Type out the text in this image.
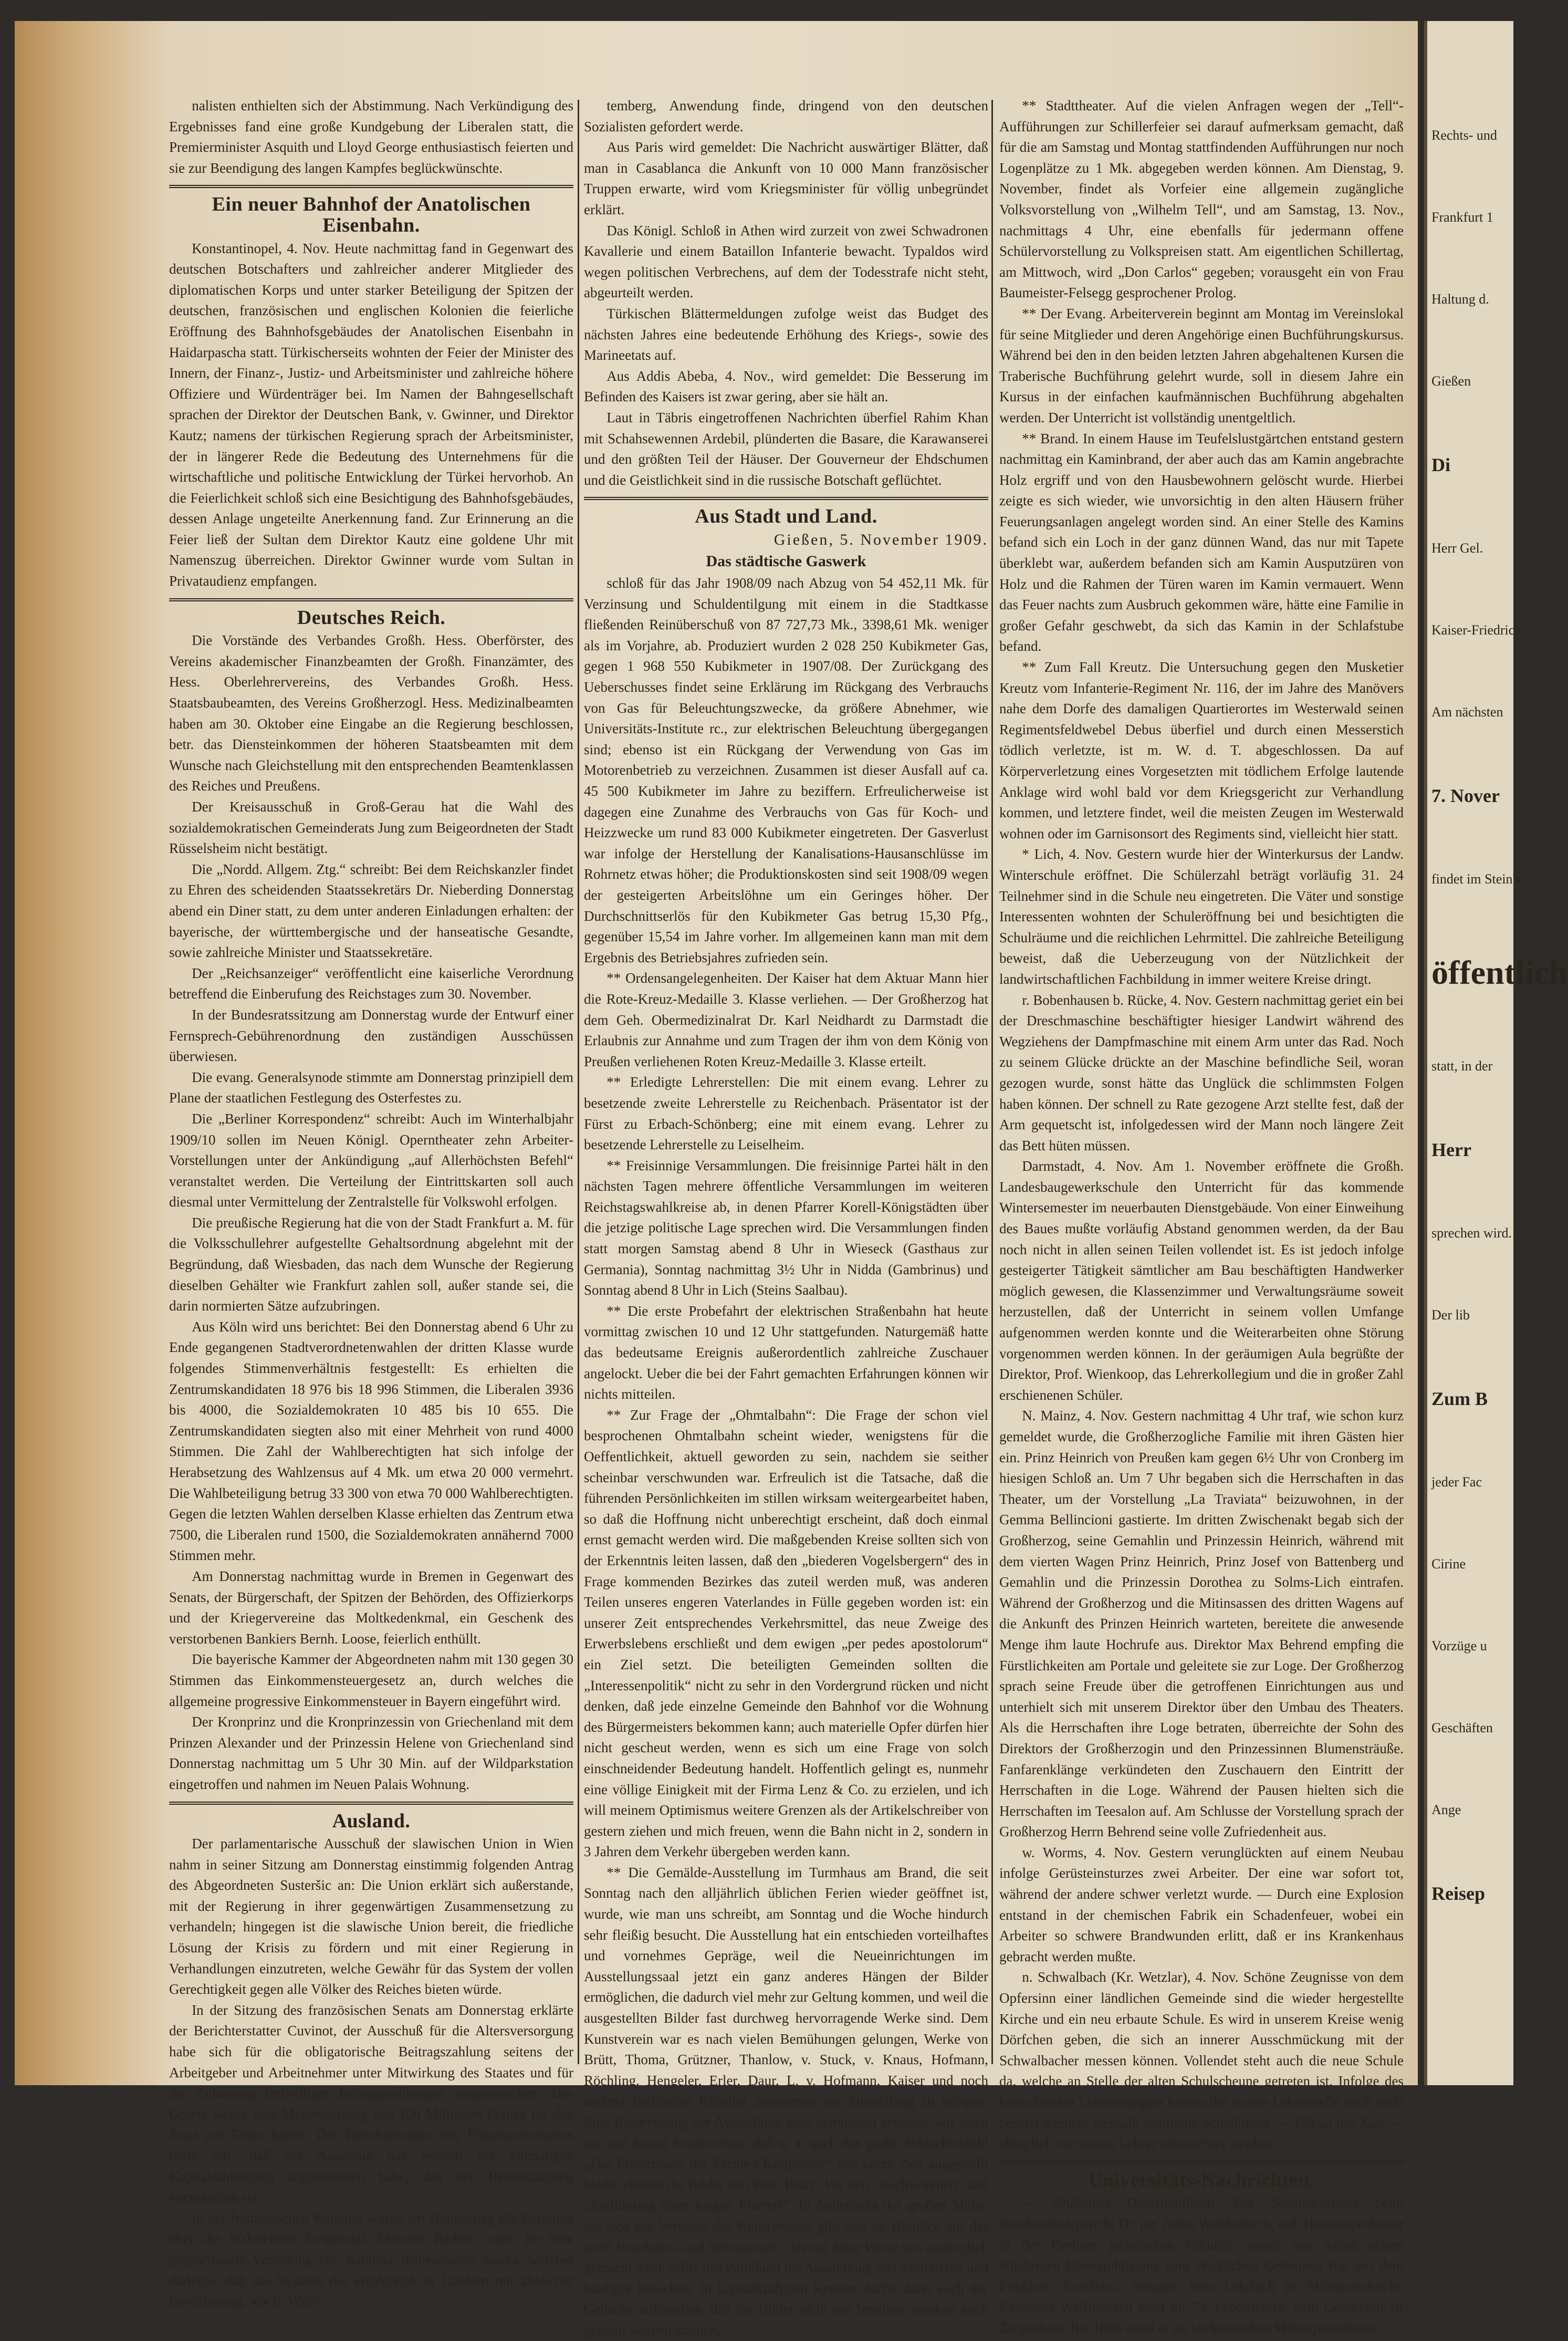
nalisten enthielten sich der Abstimmung. Nach Verkündigung des Ergebnisses fand eine große Kundgebung der Liberalen statt, die Premierminister Asquith und Lloyd George enthusiastisch feierten und sie zur Beendigung des langen Kampfes beglückwünschte.

Ein neuer Bahnhof der Anatolischen Eisenbahn.

Konstantinopel, 4. Nov. Heute nachmittag fand in Gegenwart des deutschen Botschafters und zahlreicher anderer Mitglieder des diplomatischen Korps und unter starker Beteiligung der Spitzen der deutschen, französischen und englischen Kolonien die feierliche Eröffnung des Bahnhofsgebäudes der Anatolischen Eisenbahn in Haidarpascha statt. Türkischerseits wohnten der Feier der Minister des Innern, der Finanz-, Justiz- und Arbeitsminister und zahlreiche höhere Offiziere und Würdenträger bei. Im Namen der Bahngesellschaft sprachen der Direktor der Deutschen Bank, v. Gwinner, und Direktor Kautz; namens der türkischen Regierung sprach der Arbeitsminister, der in längerer Rede die Bedeutung des Unternehmens für die wirtschaftliche und politische Entwicklung der Türkei hervorhob. An die Feierlichkeit schloß sich eine Besichtigung des Bahnhofsgebäudes, dessen Anlage ungeteilte Anerkennung fand. Zur Erinnerung an die Feier ließ der Sultan dem Direktor Kautz eine goldene Uhr mit Namenszug überreichen. Direktor Gwinner wurde vom Sultan in Privataudienz empfangen.

Deutsches Reich.

Die Vorstände des Verbandes Großh. Hess. Oberförster, des Vereins akademischer Finanzbeamten der Großh. Finanzämter, des Hess. Oberlehrervereins, des Verbandes Großh. Hess. Staatsbaubeamten, des Vereins Großherzogl. Hess. Medizinalbeamten haben am 30. Oktober eine Eingabe an die Regierung beschlossen, betr. das Diensteinkommen der höheren Staatsbeamten mit dem Wunsche nach Gleichstellung mit den entsprechenden Beamtenklassen des Reiches und Preußens.

Der Kreisausschuß in Groß-Gerau hat die Wahl des sozialdemokratischen Gemeinderats Jung zum Beigeordneten der Stadt Rüsselsheim nicht bestätigt.

Die „Nordd. Allgem. Ztg.“ schreibt: Bei dem Reichskanzler findet zu Ehren des scheidenden Staatssekretärs Dr. Nieberding Donnerstag abend ein Diner statt, zu dem unter anderen Einladungen erhalten: der bayerische, der württembergische und der hanseatische Gesandte, sowie zahlreiche Minister und Staatssekretäre.

Der „Reichsanzeiger“ veröffentlicht eine kaiserliche Verordnung betreffend die Einberufung des Reichstages zum 30. November.

In der Bundesratssitzung am Donnerstag wurde der Entwurf einer Fernsprech-Gebührenordnung den zuständigen Ausschüssen überwiesen.

Die evang. Generalsynode stimmte am Donnerstag prinzipiell dem Plane der staatlichen Festlegung des Osterfestes zu.

Die „Berliner Korrespondenz“ schreibt: Auch im Winterhalbjahr 1909/10 sollen im Neuen Königl. Operntheater zehn Arbeiter-Vorstellungen unter der Ankündigung „auf Allerhöchsten Befehl“ veranstaltet werden. Die Verteilung der Eintrittskarten soll auch diesmal unter Vermittelung der Zentralstelle für Volkswohl erfolgen.

Die preußische Regierung hat die von der Stadt Frankfurt a. M. für die Volksschullehrer aufgestellte Gehaltsordnung abgelehnt mit der Begründung, daß Wiesbaden, das nach dem Wunsche der Regierung dieselben Gehälter wie Frankfurt zahlen soll, außer stande sei, die darin normierten Sätze aufzubringen.

Aus Köln wird uns berichtet: Bei den Donnerstag abend 6 Uhr zu Ende gegangenen Stadtverordnetenwahlen der dritten Klasse wurde folgendes Stimmenverhältnis festgestellt: Es erhielten die Zentrumskandidaten 18 976 bis 18 996 Stimmen, die Liberalen 3936 bis 4000, die Sozialdemokraten 10 485 bis 10 655. Die Zentrumskandidaten siegten also mit einer Mehrheit von rund 4000 Stimmen. Die Zahl der Wahlberechtigten hat sich infolge der Herabsetzung des Wahlzensus auf 4 Mk. um etwa 20 000 vermehrt. Die Wahlbeteiligung betrug 33 300 von etwa 70 000 Wahlberechtigten. Gegen die letzten Wahlen derselben Klasse erhielten das Zentrum etwa 7500, die Liberalen rund 1500, die Sozialdemokraten annähernd 7000 Stimmen mehr.

Am Donnerstag nachmittag wurde in Bremen in Gegenwart des Senats, der Bürgerschaft, der Spitzen der Behörden, des Offizierkorps und der Kriegervereine das Moltkedenkmal, ein Geschenk des verstorbenen Bankiers Bernh. Loose, feierlich enthüllt.

Die bayerische Kammer der Abgeordneten nahm mit 130 gegen 30 Stimmen das Einkommensteuergesetz an, durch welches die allgemeine progressive Einkommensteuer in Bayern eingeführt wird.

Der Kronprinz und die Kronprinzessin von Griechenland mit dem Prinzen Alexander und der Prinzessin Helene von Griechenland sind Donnerstag nachmittag um 5 Uhr 30 Min. auf der Wildparkstation eingetroffen und nahmen im Neuen Palais Wohnung.

Ausland.

Der parlamentarische Ausschuß der slawischen Union in Wien nahm in seiner Sitzung am Donnerstag einstimmig folgenden Antrag des Abgeordneten Susteršic an: Die Union erklärt sich außerstande, mit der Regierung in ihrer gegenwärtigen Zusammensetzung zu verhandeln; hingegen ist die slawische Union bereit, die friedliche Lösung der Krisis zu fördern und mit einer Regierung in Verhandlungen einzutreten, welche Gewähr für das System der vollen Gerechtigkeit gegen alle Völker des Reiches bieten würde.

In der Sitzung des französischen Senats am Donnerstag erklärte der Berichterstatter Cuvinot, der Ausschuß für die Altersversorgung habe sich für die obligatorische Beitragszahlung seitens der Arbeitgeber und Arbeitnehmer unter Mitwirkung des Staates und für die Zulassung freiwilliger Beitragszahlungen ausgesprochen. Das Gesetz werde eine Mehrbelastung von 100 Millionen Franks für den Staat zur Folge haben. Der Berichterstatter des Finanzausschusses teilte mit, daß der Ausschuß das System der einmaligen Kapitalsabfindung angenommen habe, das der Rentenzahlung vorzuziehen sei.

In der französischen Kammer wurde am Donnerstag die Beratung über die Wahlreform fortgesetzt. Mehrere Redner traten für eine proportionale Vertretung ein, darunter insbesondere Jaurès, welcher darlegte, daß das System, das erfolgreich in Ländern mit ähnlicher Bevölkerung, wie in Würt-

temberg, Anwendung finde, dringend von den deutschen Sozialisten gefordert werde.

Aus Paris wird gemeldet: Die Nachricht auswärtiger Blätter, daß man in Casablanca die Ankunft von 10 000 Mann französischer Truppen erwarte, wird vom Kriegsminister für völlig unbegründet erklärt.

Das Königl. Schloß in Athen wird zurzeit von zwei Schwadronen Kavallerie und einem Bataillon Infanterie bewacht. Typaldos wird wegen politischen Verbrechens, auf dem der Todesstrafe nicht steht, abgeurteilt werden.

Türkischen Blättermeldungen zufolge weist das Budget des nächsten Jahres eine bedeutende Erhöhung des Kriegs-, sowie des Marineetats auf.

Aus Addis Abeba, 4. Nov., wird gemeldet: Die Besserung im Befinden des Kaisers ist zwar gering, aber sie hält an.

Laut in Täbris eingetroffenen Nachrichten überfiel Rahim Khan mit Schahsewennen Ardebil, plünderten die Basare, die Karawanserei und den größten Teil der Häuser. Der Gouverneur der Ehdschumen und die Geistlichkeit sind in die russische Botschaft geflüchtet.

Aus Stadt und Land.

Gießen, 5. November 1909.

Das städtische Gaswerk

schloß für das Jahr 1908/09 nach Abzug von 54 452,11 Mk. für Verzinsung und Schuldentilgung mit einem in die Stadtkasse fließenden Reinüberschuß von 87 727,73 Mk., 3398,61 Mk. weniger als im Vorjahre, ab. Produziert wurden 2 028 250 Kubikmeter Gas, gegen 1 968 550 Kubikmeter in 1907/08. Der Zurückgang des Ueberschusses findet seine Erklärung im Rückgang des Verbrauchs von Gas für Beleuchtungszwecke, da größere Abnehmer, wie Universitäts-Institute rc., zur elektrischen Beleuchtung übergegangen sind; ebenso ist ein Rückgang der Verwendung von Gas im Motorenbetrieb zu verzeichnen. Zusammen ist dieser Ausfall auf ca. 45 500 Kubikmeter im Jahre zu beziffern. Erfreulicherweise ist dagegen eine Zunahme des Verbrauchs von Gas für Koch- und Heizzwecke um rund 83 000 Kubikmeter eingetreten. Der Gasverlust war infolge der Herstellung der Kanalisations-Hausanschlüsse im Rohrnetz etwas höher; die Produktionskosten sind seit 1908/09 wegen der gesteigerten Arbeitslöhne um ein Geringes höher. Der Durchschnittserlös für den Kubikmeter Gas betrug 15,30 Pfg., gegenüber 15,54 im Jahre vorher. Im allgemeinen kann man mit dem Ergebnis des Betriebsjahres zufrieden sein.

** Ordensangelegenheiten. Der Kaiser hat dem Aktuar Mann hier die Rote-Kreuz-Medaille 3. Klasse verliehen. — Der Großherzog hat dem Geh. Obermedizinalrat Dr. Karl Neidhardt zu Darmstadt die Erlaubnis zur Annahme und zum Tragen der ihm von dem König von Preußen verliehenen Roten Kreuz-Medaille 3. Klasse erteilt.

** Erledigte Lehrerstellen: Die mit einem evang. Lehrer zu besetzende zweite Lehrerstelle zu Reichenbach. Präsentator ist der Fürst zu Erbach-Schönberg; eine mit einem evang. Lehrer zu besetzende Lehrerstelle zu Leiselheim.

** Freisinnige Versammlungen. Die freisinnige Partei hält in den nächsten Tagen mehrere öffentliche Versammlungen im weiteren Reichstagswahlkreise ab, in denen Pfarrer Korell-Königstädten über die jetzige politische Lage sprechen wird. Die Versammlungen finden statt morgen Samstag abend 8 Uhr in Wieseck (Gasthaus zur Germania), Sonntag nachmittag 3½ Uhr in Nidda (Gambrinus) und Sonntag abend 8 Uhr in Lich (Steins Saalbau).

** Die erste Probefahrt der elektrischen Straßenbahn hat heute vormittag zwischen 10 und 12 Uhr stattgefunden. Naturgemäß hatte das bedeutsame Ereignis außerordentlich zahlreiche Zuschauer angelockt. Ueber die bei der Fahrt gemachten Erfahrungen können wir nichts mitteilen.

** Zur Frage der „Ohmtalbahn“: Die Frage der schon viel besprochenen Ohmtalbahn scheint wieder, wenigstens für die Oeffentlichkeit, aktuell geworden zu sein, nachdem sie seither scheinbar verschwunden war. Erfreulich ist die Tatsache, daß die führenden Persönlichkeiten im stillen wirksam weitergearbeitet haben, so daß die Hoffnung nicht unberechtigt erscheint, daß doch einmal ernst gemacht werden wird. Die maßgebenden Kreise sollten sich von der Erkenntnis leiten lassen, daß den „biederen Vogelsbergern“ des in Frage kommenden Bezirkes das zuteil werden muß, was anderen Teilen unseres engeren Vaterlandes in Fülle gegeben worden ist: ein unserer Zeit entsprechendes Verkehrsmittel, das neue Zweige des Erwerbslebens erschließt und dem ewigen „per pedes apostolorum“ ein Ziel setzt. Die beteiligten Gemeinden sollten die „Interessenpolitik“ nicht zu sehr in den Vordergrund rücken und nicht denken, daß jede einzelne Gemeinde den Bahnhof vor die Wohnung des Bürgermeisters bekommen kann; auch materielle Opfer dürfen hier nicht gescheut werden, wenn es sich um eine Frage von solch einschneidender Bedeutung handelt. Hoffentlich gelingt es, nunmehr eine völlige Einigkeit mit der Firma Lenz & Co. zu erzielen, und ich will meinem Optimismus weitere Grenzen als der Artikelschreiber von gestern ziehen und mich freuen, wenn die Bahn nicht in 2, sondern in 3 Jahren dem Verkehr übergeben werden kann.

** Die Gemälde-Ausstellung im Turmhaus am Brand, die seit Sonntag nach den alljährlich üblichen Ferien wieder geöffnet ist, wurde, wie man uns schreibt, am Sonntag und die Woche hindurch sehr fleißig besucht. Die Ausstellung hat ein entschieden vorteilhaftes und vornehmes Gepräge, weil die Neueinrichtungen im Ausstellungssaal jetzt ein ganz anderes Hängen der Bilder ermöglichen, die dadurch viel mehr zur Geltung kommen, und weil die ausgestellten Bilder fast durchweg hervorragende Werke sind. Dem Kunstverein war es nach vielen Bemühungen gelungen, Werke von Brütt, Thoma, Grützner, Thanlow, v. Stuck, v. Knaus, Hofmann, Röchling, Hengeler, Erler, Daur, L. v. Hofmann, Kaiser und noch anderer berühmter Künstler zusammen zur Ausstellung zu bringen. Eine Besprechung der Ausstellung wird demnächst erfolgen, wir seien nur auf darauf hingewiesen, daß u. a. auch das große Schlachtenbild „Die Erstürmung der Ferme-Champenois“ nur kurze Zeit ausgestellt bleibt, ebenso die Bilder von Prof. Brütt „Vor den Geschworenen“ und „Einführung eines jungen Pfarrers“. In Anbetracht der großen Mühe, die sich der Vorstand des Kunstvereins gibt und im Hinblick auf das recht Beachtens- und Sehenswerte, das auf diese Weise uns zugänglich gemacht wird, sollte das Publikum die Ausstellung viel zahlreicher und häufiger besuchen. In kapitalkräftigen Kreisen dürfte dann auch der Gedanke auftauchen, daß die Bilder nicht nur besehen, sondern auch gekauft werden können.

** Stadttheater. Auf die vielen Anfragen wegen der „Tell“-Aufführungen zur Schillerfeier sei darauf aufmerksam gemacht, daß für die am Samstag und Montag stattfindenden Aufführungen nur noch Logenplätze zu 1 Mk. abgegeben werden können. Am Dienstag, 9. November, findet als Vorfeier eine allgemein zugängliche Volksvorstellung von „Wilhelm Tell“, und am Samstag, 13. Nov., nachmittags 4 Uhr, eine ebenfalls für jedermann offene Schülervorstellung zu Volkspreisen statt. Am eigentlichen Schillertag, am Mittwoch, wird „Don Carlos“ gegeben; vorausgeht ein von Frau Baumeister-Felsegg gesprochener Prolog.

** Der Evang. Arbeiterverein beginnt am Montag im Vereinslokal für seine Mitglieder und deren Angehörige einen Buchführungskursus. Während bei den in den beiden letzten Jahren abgehaltenen Kursen die Traberische Buchführung gelehrt wurde, soll in diesem Jahre ein Kursus in der einfachen kaufmännischen Buchführung abgehalten werden. Der Unterricht ist vollständig unentgeltlich.

** Brand. In einem Hause im Teufelslustgärtchen entstand gestern nachmittag ein Kaminbrand, der aber auch das am Kamin angebrachte Holz ergriff und von den Hausbewohnern gelöscht wurde. Hierbei zeigte es sich wieder, wie unvorsichtig in den alten Häusern früher Feuerungsanlagen angelegt worden sind. An einer Stelle des Kamins befand sich ein Loch in der ganz dünnen Wand, das nur mit Tapete überklebt war, außerdem befanden sich am Kamin Ausputzüren von Holz und die Rahmen der Türen waren im Kamin vermauert. Wenn das Feuer nachts zum Ausbruch gekommen wäre, hätte eine Familie in großer Gefahr geschwebt, da sich das Kamin in der Schlafstube befand.

** Zum Fall Kreutz. Die Untersuchung gegen den Musketier Kreutz vom Infanterie-Regiment Nr. 116, der im Jahre des Manövers nahe dem Dorfe des damaligen Quartierortes im Westerwald seinen Regimentsfeldwebel Debus überfiel und durch einen Messerstich tödlich verletzte, ist m. W. d. T. abgeschlossen. Da auf Körperverletzung eines Vorgesetzten mit tödlichem Erfolge lautende Anklage wird wohl bald vor dem Kriegsgericht zur Verhandlung kommen, und letztere findet, weil die meisten Zeugen im Westerwald wohnen oder im Garnisonsort des Regiments sind, vielleicht hier statt.

* Lich, 4. Nov. Gestern wurde hier der Winterkursus der Landw. Winterschule eröffnet. Die Schülerzahl beträgt vorläufig 31. 24 Teilnehmer sind in die Schule neu eingetreten. Die Väter und sonstige Interessenten wohnten der Schuleröffnung bei und besichtigten die Schulräume und die reichlichen Lehrmittel. Die zahlreiche Beteiligung beweist, daß die Ueberzeugung von der Nützlichkeit der landwirtschaftlichen Fachbildung in immer weitere Kreise dringt.

r. Bobenhausen b. Rücke, 4. Nov. Gestern nachmittag geriet ein bei der Dreschmaschine beschäftigter hiesiger Landwirt während des Wegziehens der Dampfmaschine mit einem Arm unter das Rad. Noch zu seinem Glücke drückte an der Maschine befindliche Seil, woran gezogen wurde, sonst hätte das Unglück die schlimmsten Folgen haben können. Der schnell zu Rate gezogene Arzt stellte fest, daß der Arm gequetscht ist, infolgedessen wird der Mann noch längere Zeit das Bett hüten müssen.

Darmstadt, 4. Nov. Am 1. November eröffnete die Großh. Landesbaugewerkschule den Unterricht für das kommende Wintersemester im neuerbauten Dienstgebäude. Von einer Einweihung des Baues mußte vorläufig Abstand genommen werden, da der Bau noch nicht in allen seinen Teilen vollendet ist. Es ist jedoch infolge gesteigerter Tätigkeit sämtlicher am Bau beschäftigten Handwerker möglich gewesen, die Klassenzimmer und Verwaltungsräume soweit herzustellen, daß der Unterricht in seinem vollen Umfange aufgenommen werden konnte und die Weiterarbeiten ohne Störung vorgenommen werden können. In der geräumigen Aula begrüßte der Direktor, Prof. Wienkoop, das Lehrerkollegium und die in großer Zahl erschienenen Schüler.

N. Mainz, 4. Nov. Gestern nachmittag 4 Uhr traf, wie schon kurz gemeldet wurde, die Großherzogliche Familie mit ihren Gästen hier ein. Prinz Heinrich von Preußen kam gegen 6½ Uhr von Cronberg im hiesigen Schloß an. Um 7 Uhr begaben sich die Herrschaften in das Theater, um der Vorstellung „La Traviata“ beizuwohnen, in der Gemma Bellincioni gastierte. Im dritten Zwischenakt begab sich der Großherzog, seine Gemahlin und Prinzessin Heinrich, während mit dem vierten Wagen Prinz Heinrich, Prinz Josef von Battenberg und Gemahlin und die Prinzessin Dorothea zu Solms-Lich eintrafen. Während der Großherzog und die Mitinsassen des dritten Wagens auf die Ankunft des Prinzen Heinrich warteten, bereitete die anwesende Menge ihm laute Hochrufe aus. Direktor Max Behrend empfing die Fürstlichkeiten am Portale und geleitete sie zur Loge. Der Großherzog sprach seine Freude über die getroffenen Einrichtungen aus und unterhielt sich mit unserem Direktor über den Umbau des Theaters. Als die Herrschaften ihre Loge betraten, überreichte der Sohn des Direktors der Großherzogin und den Prinzessinnen Blumensträuße. Fanfarenklänge verkündeten den Zuschauern den Eintritt der Herrschaften in die Loge. Während der Pausen hielten sich die Herrschaften im Teesalon auf. Am Schlusse der Vorstellung sprach der Großherzog Herrn Behrend seine volle Zufriedenheit aus.

w. Worms, 4. Nov. Gestern verunglückten auf einem Neubau infolge Gerüsteinsturzes zwei Arbeiter. Der eine war sofort tot, während der andere schwer verletzt wurde. — Durch eine Explosion entstand in der chemischen Fabrik ein Schadenfeuer, wobei ein Arbeiter so schwere Brandwunden erlitt, daß er ins Krankenhaus gebracht werden mußte.

n. Schwalbach (Kr. Wetzlar), 4. Nov. Schöne Zeugnisse von dem Opfersinn einer ländlichen Gemeinde sind die wieder hergestellte Kirche und ein neu erbaute Schule. Es wird in unserem Kreise wenig Dörfchen geben, die sich an innerer Ausschmückung mit der Schwalbacher messen können. Vollendet steht auch die neue Schule da, welche an Stelle der alten Schulscheune getreten ist. Infolge des herrschenden Lehrermangels konnte die zweite Lehrerstelle noch nicht besetzt werden, weshalb sämtliche Schulkinder — 130 an der Zahl — alltäglich von einem Lehrer unterrichtet werden.

Universitäts-Nachrichten.

— 50jähriges Dienstjubiläum. Der Senatspräsident beim Reichsmilitärgericht Dr. jur. Julius Weiffenbach, ord. Honorarprofessor in der Berliner juristischen Fakultät, wurde aus Anlaß seines 50jährigen Dienstjubiläums zum Wirklichen Geheimen Rat mit dem Prädikat „Exzellenz“ ernannt. Sein Lehrfach ist Militärstrafrecht. Exzellenz Weiffenbach steht im 73. Lebensjahre. Sein Geburtsort ist Ziegenhain. Bis 1866 stand er im kurhessischen Militärjustizdienst.

Rechts- und
Frankfurt 1
Haltung d.
Gießen
Di
Herr Gel.
Kaiser-Friedrich
Am nächsten
7. Nover
findet im Stein's
öffentlich
statt, in der
Herr
sprechen wird.
Der lib
Zum B
jeder Fac
Cirine
Vorzüge u
Geschäften
Ange
Reisep
